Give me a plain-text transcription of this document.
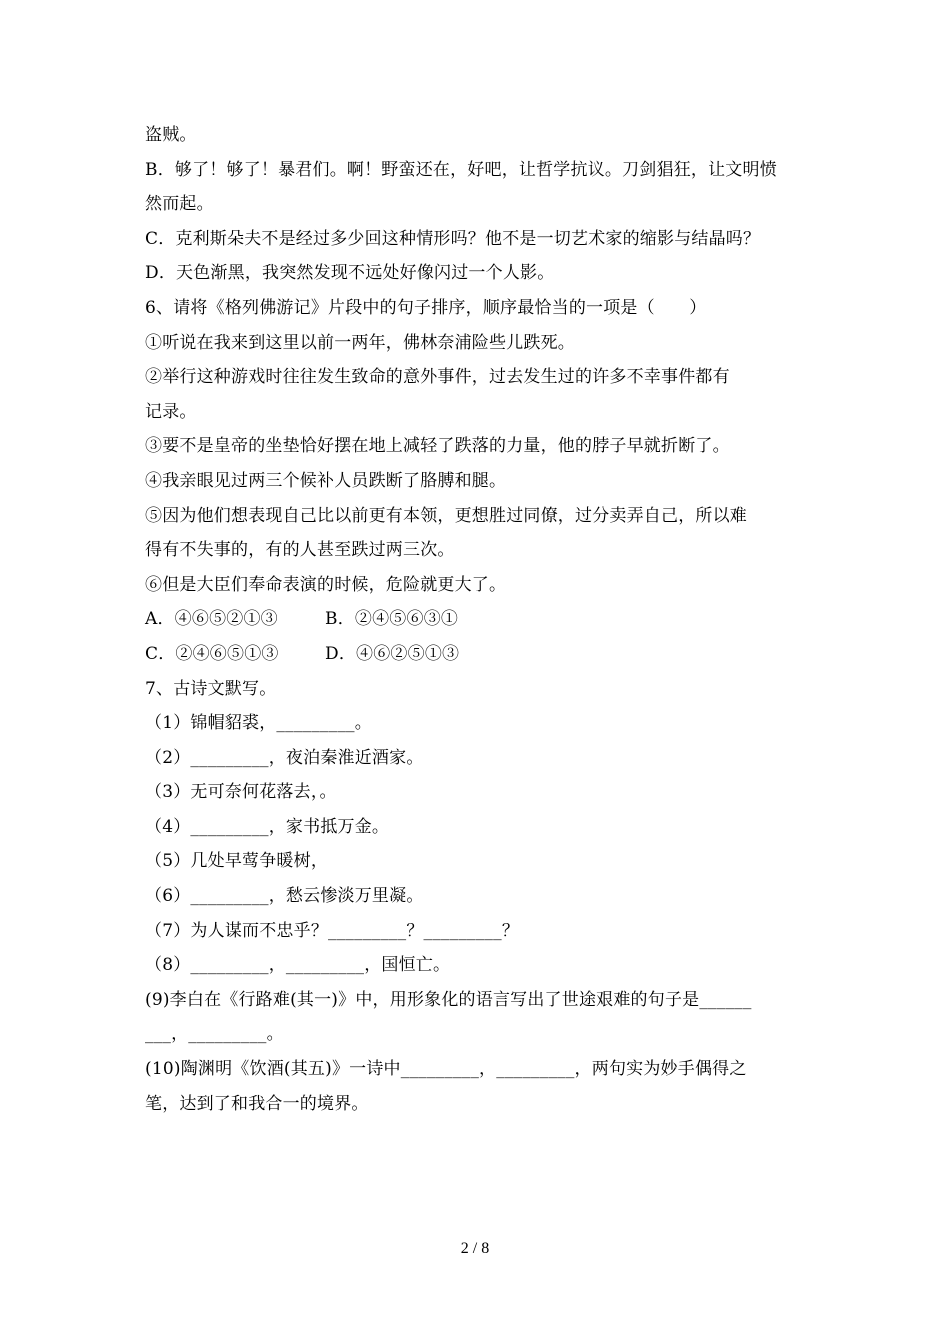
盗贼。
B．够了！够了！暴君们。啊！野蛮还在，好吧，让哲学抗议。刀剑猖狂，让文明愤
然而起。
C．克利斯朵夫不是经过多少回这种情形吗？他不是一切艺术家的缩影与结晶吗？
D．天色渐黑，我突然发现不远处好像闪过一个人影。
6、请将《格列佛游记》片段中的句子排序，顺序最恰当的一项是（　　）
①听说在我来到这里以前一两年，佛林奈浦险些儿跌死。
②举行这种游戏时往往发生致命的意外事件，过去发生过的许多不幸事件都有
记录。
③要不是皇帝的坐垫恰好摆在地上减轻了跌落的力量，他的脖子早就折断了。
④我亲眼见过两三个候补人员跌断了胳膊和腿。
⑤因为他们想表现自己比以前更有本领，更想胜过同僚，过分卖弄自己，所以难
得有不失事的，有的人甚至跌过两三次。
⑥但是大臣们奉命表演的时候，危险就更大了。
A．④⑥⑤②①③	B．②④⑤⑥③①
C．②④⑥⑤①③	D．④⑥②⑤①③
7、古诗文默写。
（1）锦帽貂裘，_________。
（2）_________，夜泊秦淮近酒家。
（3）无可奈何花落去，。
（4）_________，家书抵万金。
（5）几处早莺争暖树，
（6）_________，愁云惨淡万里凝。
（7）为人谋而不忠乎？_________？_________？
（8）_________，_________，国恒亡。
(9)李白在《行路难(其一)》中，用形象化的语言写出了世途艰难的句子是______
___，_________。
(10)陶渊明《饮酒(其五)》一诗中_________，_________，两句实为妙手偶得之
笔，达到了和我合一的境界。
2 / 8
